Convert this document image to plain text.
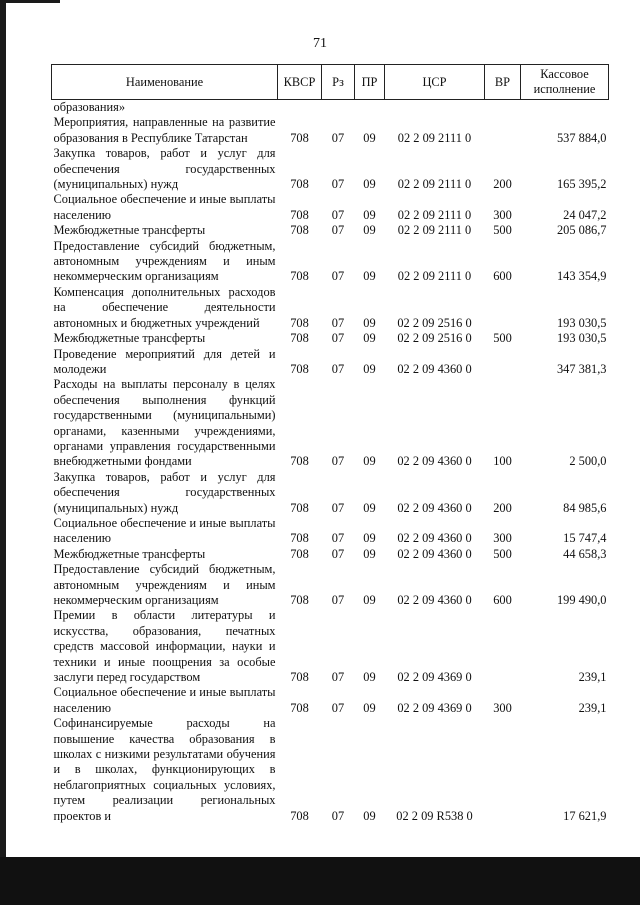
71
Наименование	КВСР	Рз	ПР	ЦСР	ВР	Кассовое исполнение
образования»						
Мероприятия, направленные на развитие образования в Республике Татарстан	708	07	09	02 2 09 2111 0		537 884,0
Закупка товаров, работ и услуг для обеспечения государственных (муниципальных) нужд	708	07	09	02 2 09 2111 0	200	165 395,2
Социальное обеспечение и иные выплаты населению	708	07	09	02 2 09 2111 0	300	24 047,2
Межбюджетные трансферты	708	07	09	02 2 09 2111 0	500	205 086,7
Предоставление субсидий бюджетным, автономным учреждениям и иным некоммерческим организациям	708	07	09	02 2 09 2111 0	600	143 354,9
Компенсация дополнительных расходов на обеспечение деятельности автономных и бюджетных учреждений	708	07	09	02 2 09 2516 0		193 030,5
Межбюджетные трансферты	708	07	09	02 2 09 2516 0	500	193 030,5
Проведение мероприятий для детей и молодежи	708	07	09	02 2 09 4360 0		347 381,3
Расходы на выплаты персоналу в целях обеспечения выполнения функций государственными (муниципальными) органами, казенными учреждениями, органами управления государственными внебюджетными фондами	708	07	09	02 2 09 4360 0	100	2 500,0
Закупка товаров, работ и услуг для обеспечения государственных (муниципальных) нужд	708	07	09	02 2 09 4360 0	200	84 985,6
Социальное обеспечение и иные выплаты населению	708	07	09	02 2 09 4360 0	300	15 747,4
Межбюджетные трансферты	708	07	09	02 2 09 4360 0	500	44 658,3
Предоставление субсидий бюджетным, автономным учреждениям и иным некоммерческим организациям	708	07	09	02 2 09 4360 0	600	199 490,0
Премии в области литературы и искусства, образования, печатных средств массовой информации, науки и техники и иные поощрения за особые заслуги перед государством	708	07	09	02 2 09 4369 0		239,1
Социальное обеспечение и иные выплаты населению	708	07	09	02 2 09 4369 0	300	239,1
Софинансируемые расходы на повышение качества образования в школах с низкими результатами обучения и в школах, функционирующих в неблагоприятных социальных условиях, путем реализации региональных проектов и	708	07	09	02 2 09 R538 0		17 621,9
